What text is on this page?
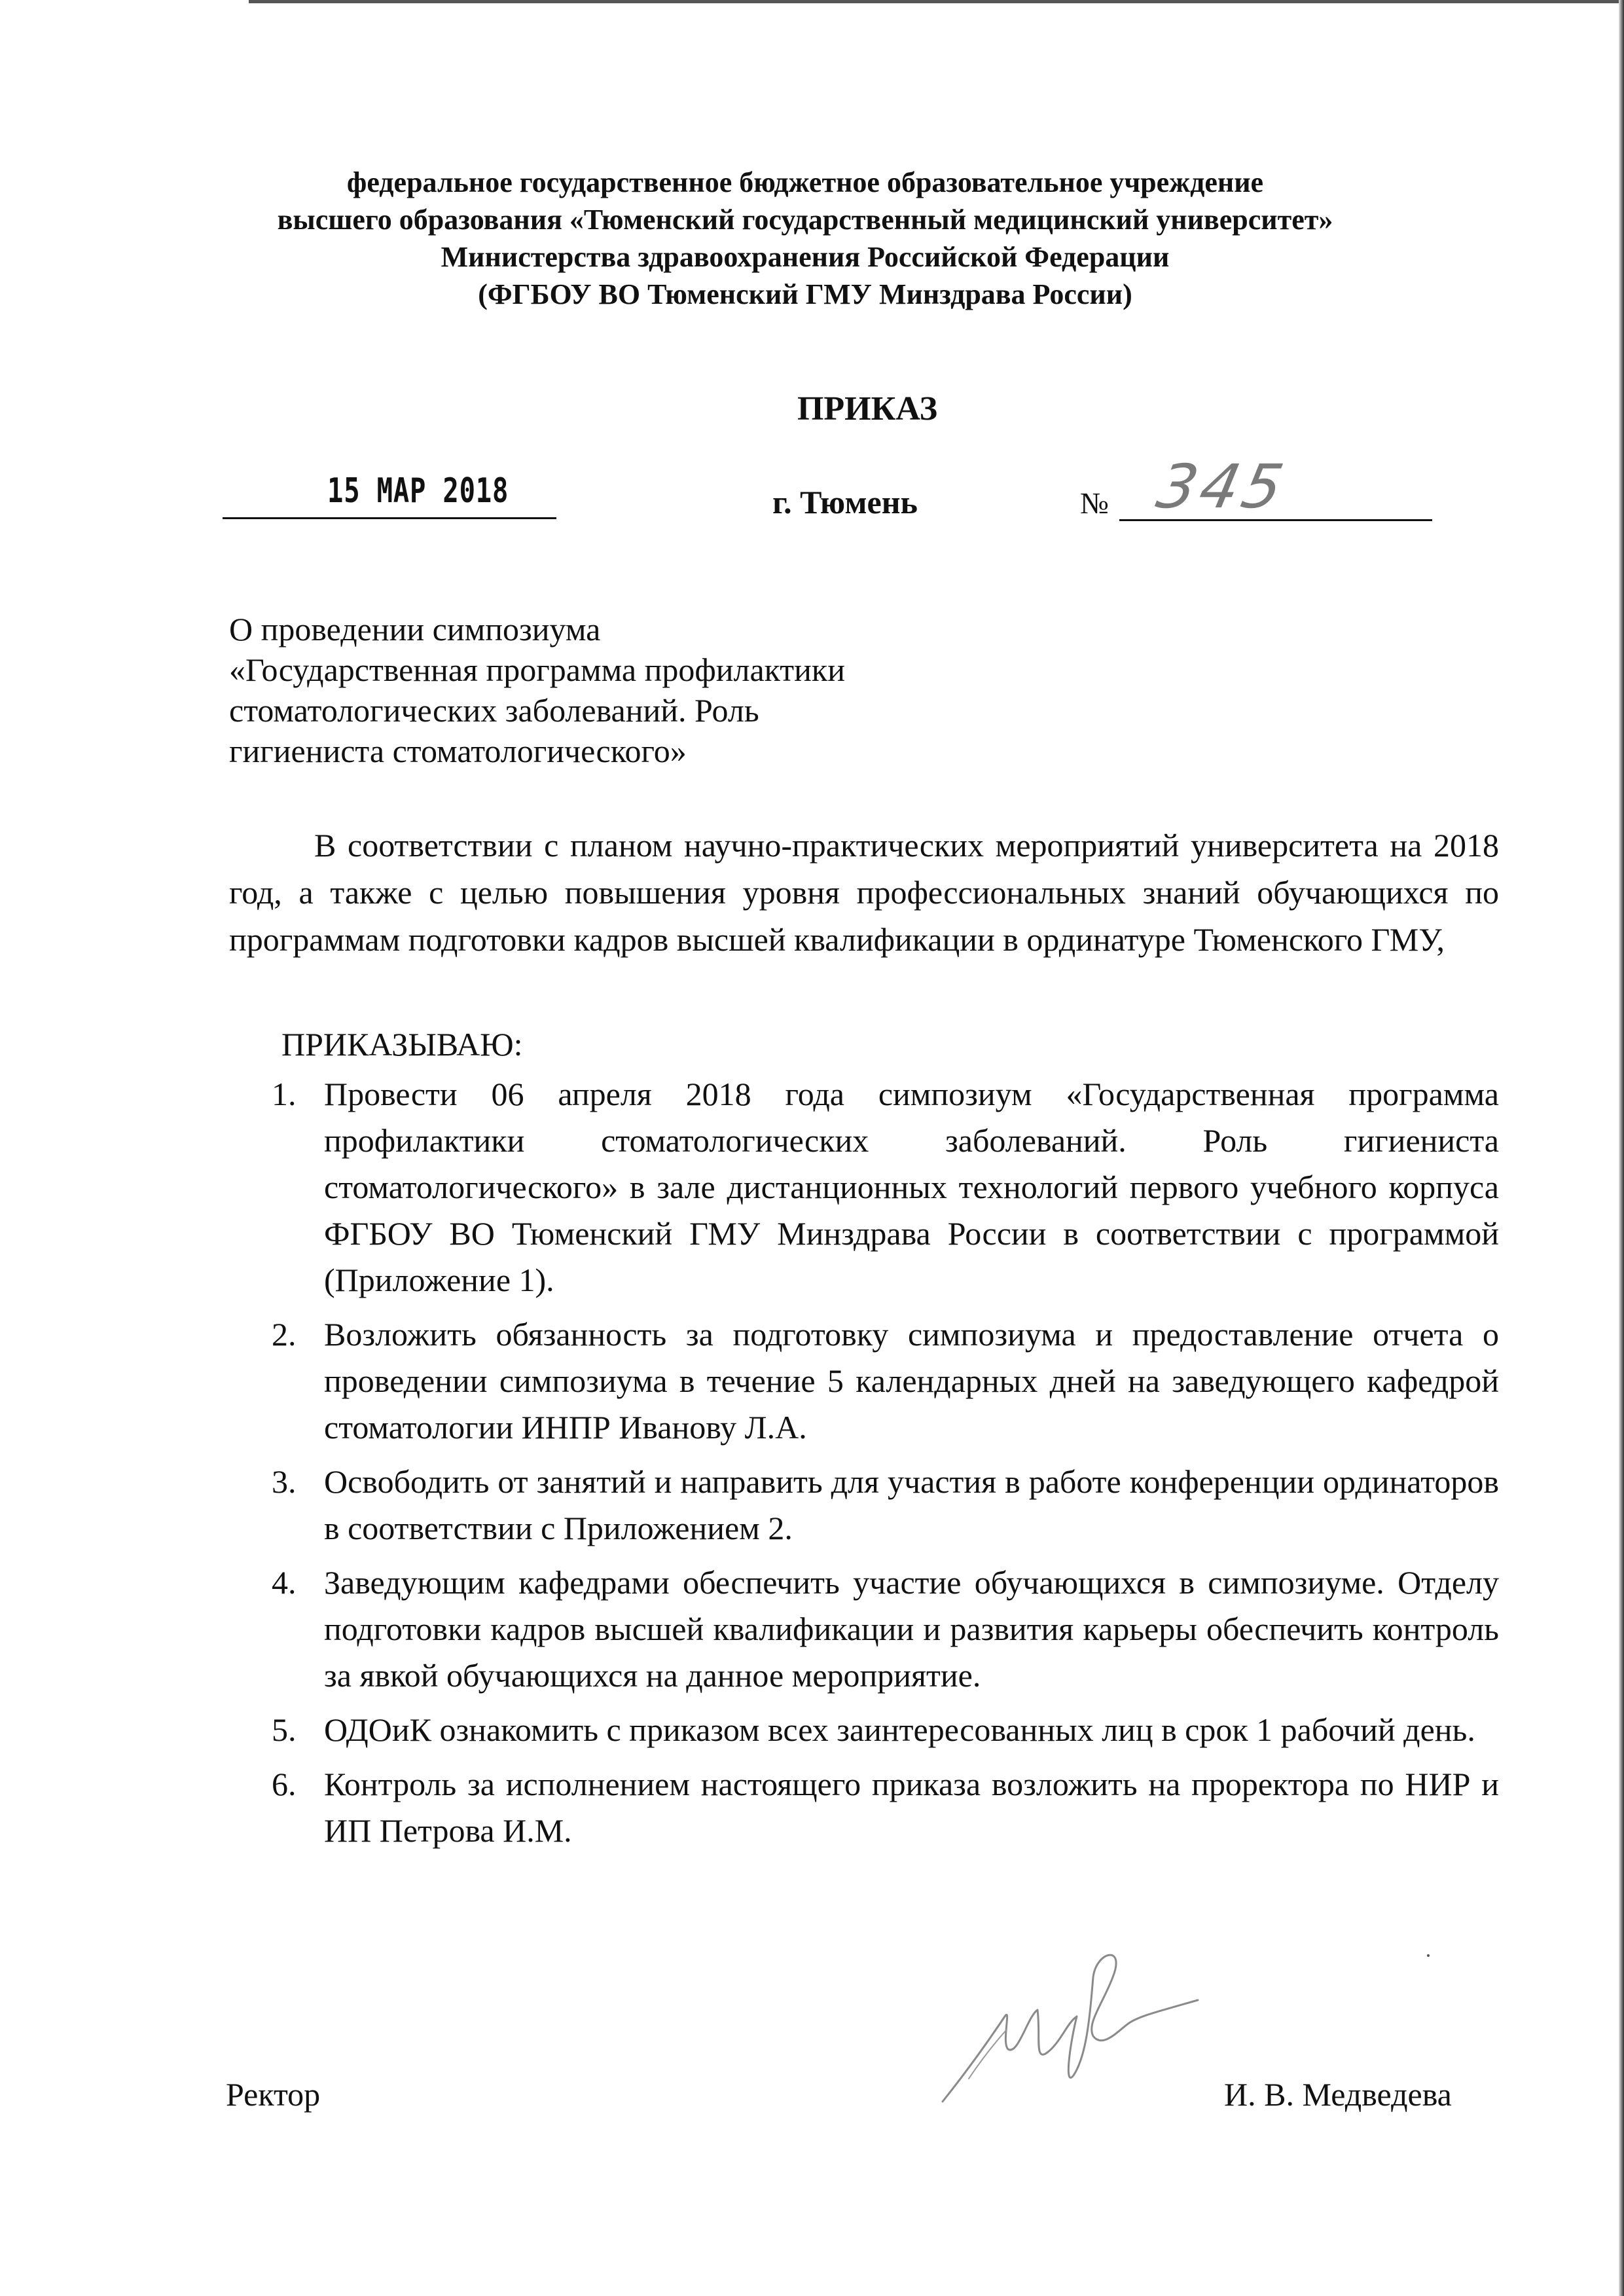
федеральное государственное бюджетное образовательное учреждение
высшего образования «Тюменский государственный медицинский университет»
Министерства здравоохранения Российской Федерации
(ФГБОУ ВО Тюменский ГМУ Минздрава России)
ПРИКАЗ
15 МАР 2018	г. Тюмень	№ 345
О проведении симпозиума
«Государственная программа профилактики
стоматологических заболеваний. Роль
гигиениста стоматологического»
В соответствии с планом научно-практических мероприятий университета на 2018 год, а также с целью повышения уровня профессиональных знаний обучающихся по программам подготовки кадров высшей квалификации в ординатуре Тюменского ГМУ,
ПРИКАЗЫВАЮ:
1. Провести 06 апреля 2018 года симпозиум «Государственная программа профилактики стоматологических заболеваний. Роль гигиениста стоматологического» в зале дистанционных технологий первого учебного корпуса ФГБОУ ВО Тюменский ГМУ Минздрава России в соответствии с программой (Приложение 1).
2. Возложить обязанность за подготовку симпозиума и предоставление отчета о проведении симпозиума в течение 5 календарных дней на заведующего кафедрой стоматологии ИНПР Иванову Л.А.
3. Освободить от занятий и направить для участия в работе конференции ординаторов в соответствии с Приложением 2.
4. Заведующим кафедрами обеспечить участие обучающихся в симпозиуме. Отделу подготовки кадров высшей квалификации и развития карьеры обеспечить контроль за явкой обучающихся на данное мероприятие.
5. ОДОиК ознакомить с приказом всех заинтересованных лиц в срок 1 рабочий день.
6. Контроль за исполнением настоящего приказа возложить на проректора по НИР и ИП Петрова И.М.
Ректор	И. В. Медведева
